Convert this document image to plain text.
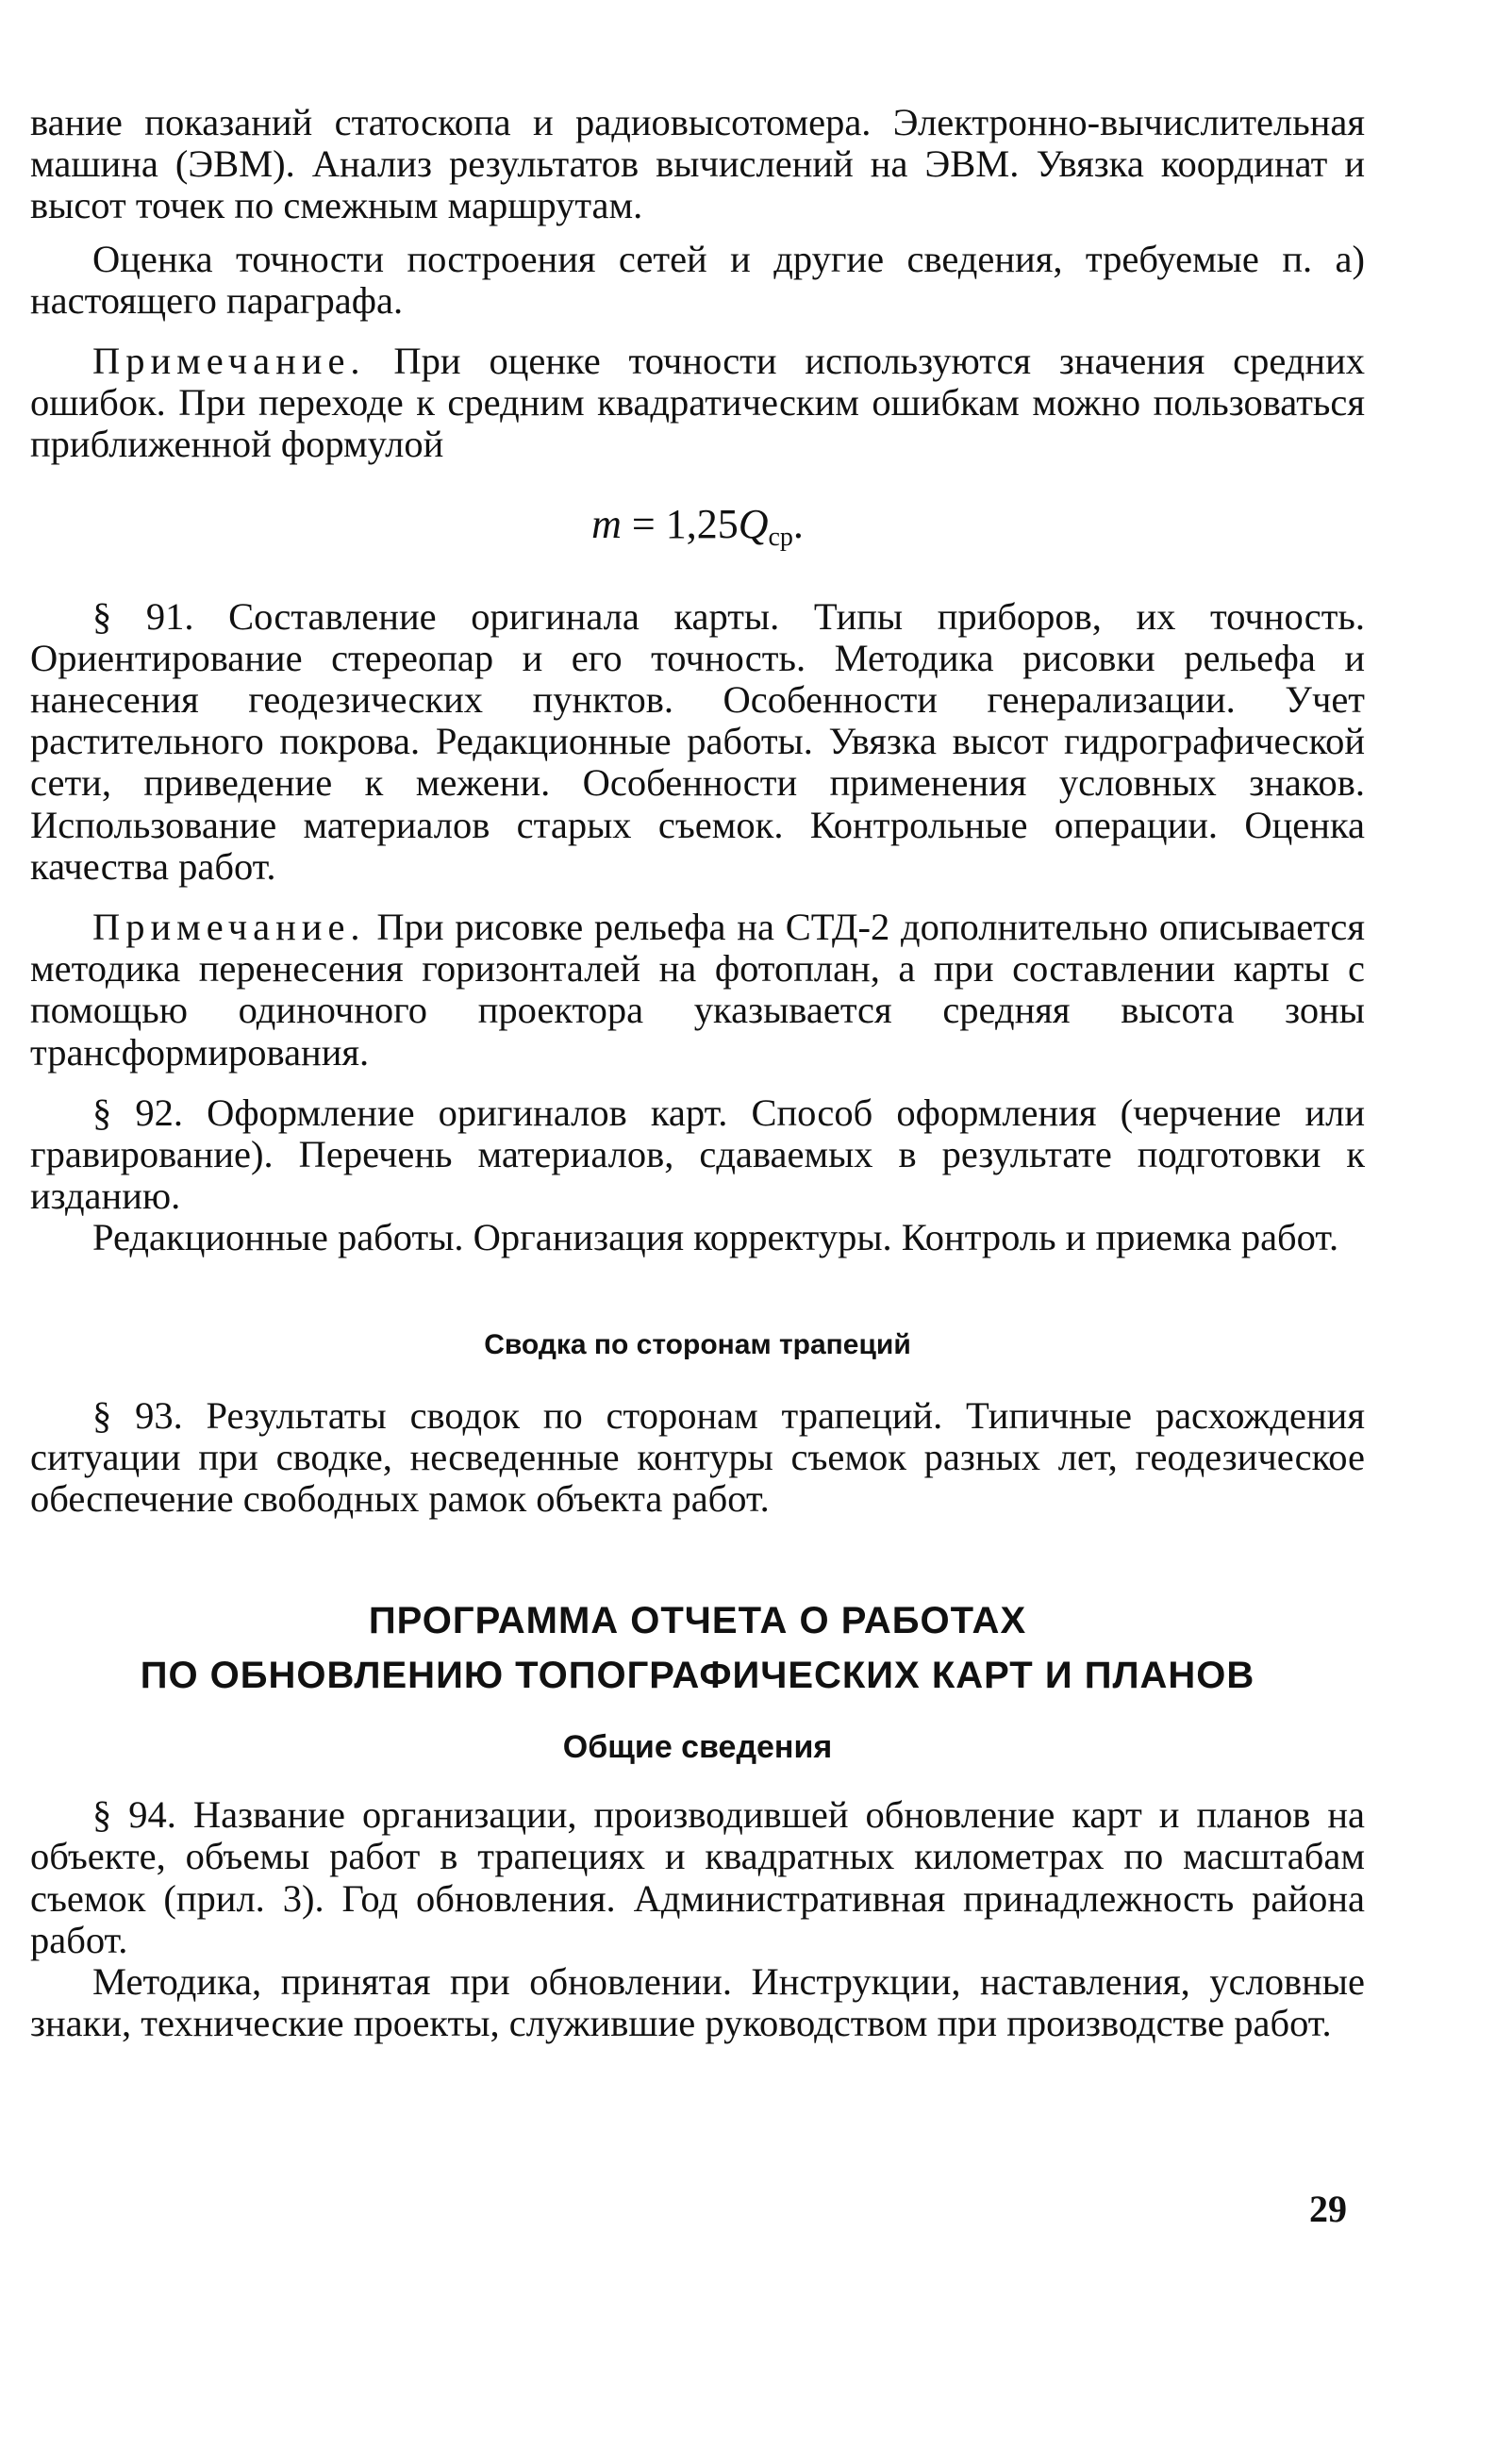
вание показаний статоскопа и радиовысотомера. Электронно-вычислительная машина (ЭВМ). Анализ результатов вычислений на ЭВМ. Увязка координат и высот точек по смежным маршрутам.

Оценка точности построения сетей и другие сведения, требуемые п. а) настоящего параграфа.

Примечание. При оценке точности используются значения средних ошибок. При переходе к средним квадратическим ошибкам можно пользоваться приближенной формулой

$m = 1,25Q_{ср}$.

§ 91. Составление оригинала карты. Типы приборов, их точность. Ориентирование стереопар и его точность. Методика рисовки рельефа и нанесения геодезических пунктов. Особенности генерализации. Учет растительного покрова. Редакционные работы. Увязка высот гидрографической сети, приведение к межени. Особенности применения условных знаков. Использование материалов старых съемок. Контрольные операции. Оценка качества работ.

Примечание. При рисовке рельефа на СТД-2 дополнительно описывается методика перенесения горизонталей на фотоплан, а при составлении карты с помощью одиночного проектора указывается средняя высота зоны трансформирования.

§ 92. Оформление оригиналов карт. Способ оформления (черчение или гравирование). Перечень материалов, сдаваемых в результате подготовки к изданию.

Редакционные работы. Организация корректуры. Контроль и приемка работ.

Сводка по сторонам трапеций

§ 93. Результаты сводок по сторонам трапеций. Типичные расхождения ситуации при сводке, несведенные контуры съемок разных лет, геодезическое обеспечение свободных рамок объекта работ.

ПРОГРАММА ОТЧЕТА О РАБОТАХ
ПО ОБНОВЛЕНИЮ ТОПОГРАФИЧЕСКИХ КАРТ И ПЛАНОВ
Общие сведения

§ 94. Название организации, производившей обновление карт и планов на объекте, объемы работ в трапециях и квадратных километрах по масштабам съемок (прил. 3). Год обновления. Административная принадлежность района работ.

Методика, принятая при обновлении. Инструкции, наставления, условные знаки, технические проекты, служившие руководством при производстве работ.

29
